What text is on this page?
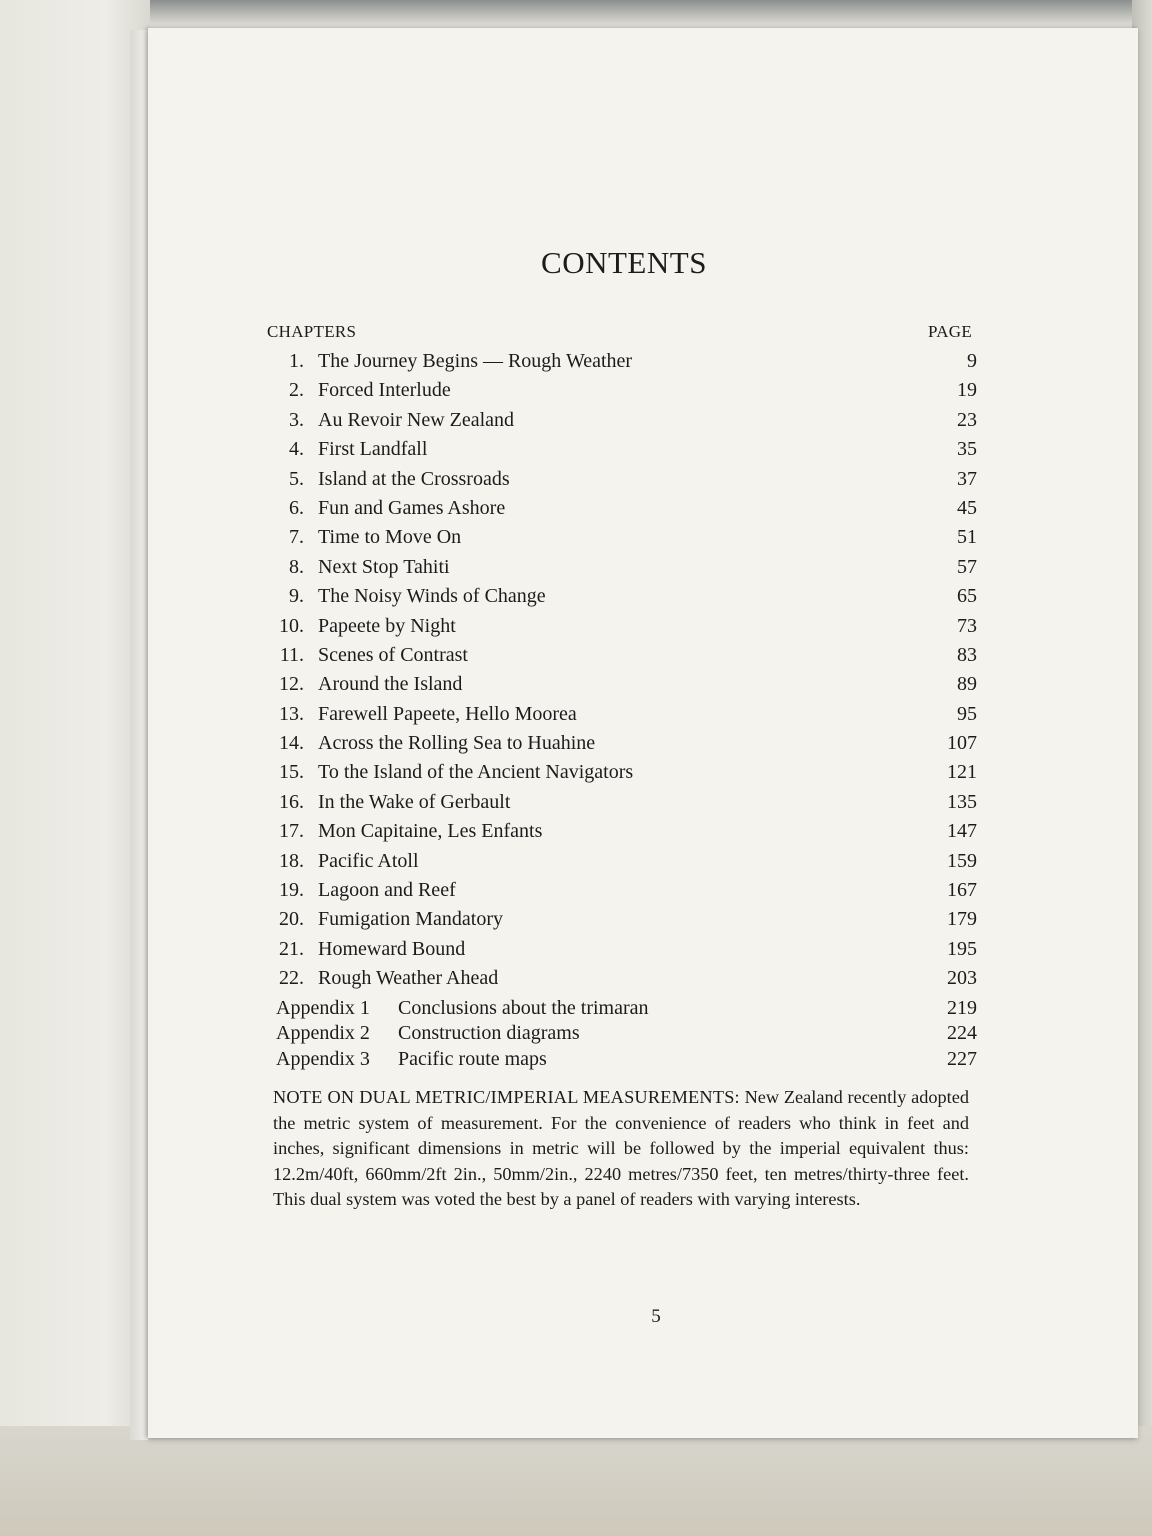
CONTENTS
CHAPTERS	PAGE
1. The Journey Begins — Rough Weather	9
2. Forced Interlude	19
3. Au Revoir New Zealand	23
4. First Landfall	35
5. Island at the Crossroads	37
6. Fun and Games Ashore	45
7. Time to Move On	51
8. Next Stop Tahiti	57
9. The Noisy Winds of Change	65
10. Papeete by Night	73
11. Scenes of Contrast	83
12. Around the Island	89
13. Farewell Papeete, Hello Moorea	95
14. Across the Rolling Sea to Huahine	107
15. To the Island of the Ancient Navigators	121
16. In the Wake of Gerbault	135
17. Mon Capitaine, Les Enfants	147
18. Pacific Atoll	159
19. Lagoon and Reef	167
20. Fumigation Mandatory	179
21. Homeward Bound	195
22. Rough Weather Ahead	203
Appendix 1 Conclusions about the trimaran	219
Appendix 2 Construction diagrams	224
Appendix 3 Pacific route maps	227

NOTE ON DUAL METRIC/IMPERIAL MEASUREMENTS: New Zealand recently adopted the metric system of measurement. For the convenience of readers who think in feet and inches, significant dimensions in metric will be followed by the imperial equivalent thus: 12.2m/40ft, 660mm/2ft 2in., 50mm/2in., 2240 metres/7350 feet, ten metres/thirty-three feet. This dual system was voted the best by a panel of readers with varying interests.

5
